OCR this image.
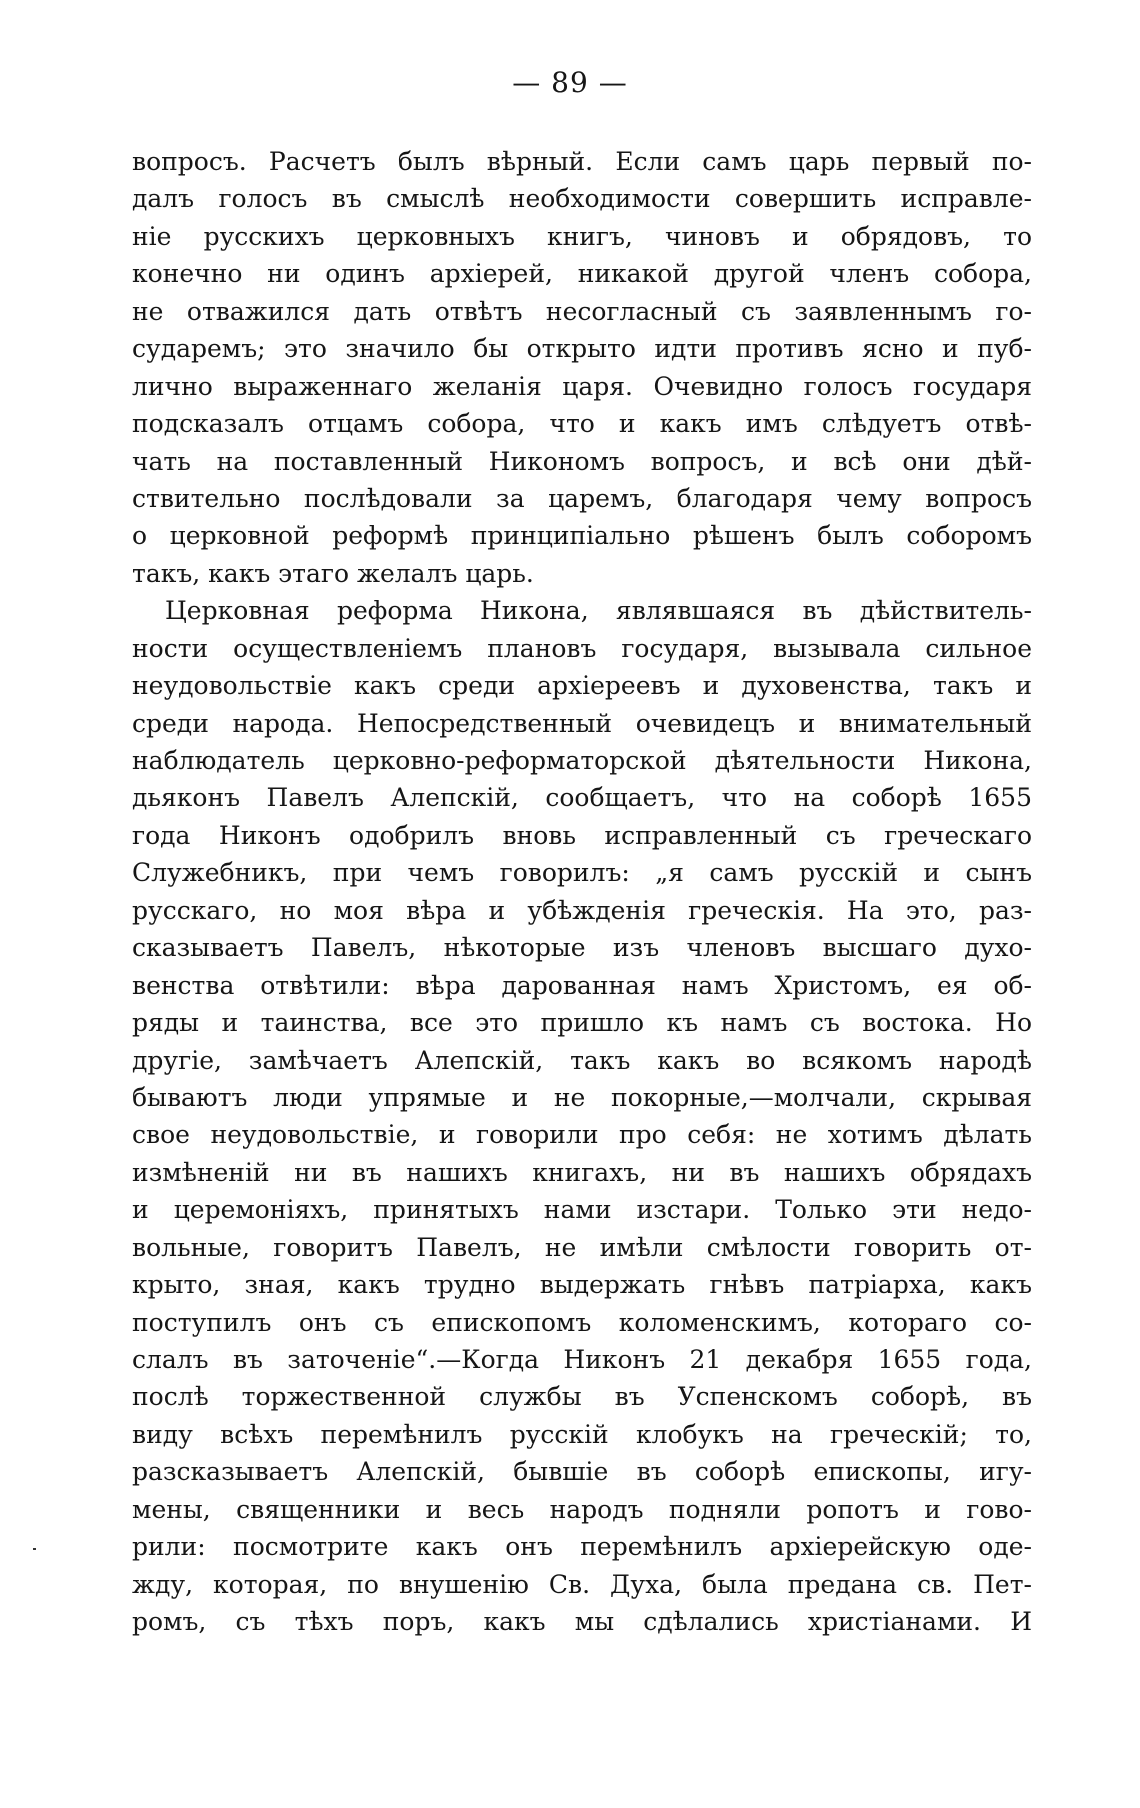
— 89 —
вопросъ. Расчетъ былъ вѣрный. Если самъ царь первый по-
далъ голосъ въ смыслѣ необходимости совершить исправле-
ніе русскихъ церковныхъ книгъ, чиновъ и обрядовъ, то
конечно ни одинъ архіерей, никакой другой членъ собора,
не отважился дать отвѣтъ несогласный съ заявленнымъ го-
сударемъ; это значило бы открыто идти противъ ясно и пуб-
лично выраженнаго желанія царя. Очевидно голосъ государя
подсказалъ отцамъ собора, что и какъ имъ слѣдуетъ отвѣ-
чать на поставленный Никономъ вопросъ, и всѣ они дѣй-
ствительно послѣдовали за царемъ, благодаря чему вопросъ
о церковной реформѣ принципіально рѣшенъ былъ соборомъ
такъ, какъ этаго желалъ царь.
Церковная реформа Никона, являвшаяся въ дѣйствитель-
ности осуществленіемъ плановъ государя, вызывала сильное
неудовольствіе какъ среди архіереевъ и духовенства, такъ и
среди народа. Непосредственный очевидецъ и внимательный
наблюдатель церковно-реформаторской дѣятельности Никона,
дьяконъ Павелъ Алепскій, сообщаетъ, что на соборѣ 1655
года Никонъ одобрилъ вновь исправленный съ греческаго
Служебникъ, при чемъ говорилъ: „я самъ русскій и сынъ
русскаго, но моя вѣра и убѣжденія греческія. На это, раз-
сказываетъ Павелъ, нѣкоторые изъ членовъ высшаго духо-
венства отвѣтили: вѣра дарованная намъ Христомъ, ея об-
ряды и таинства, все это пришло къ намъ съ востока. Но
другіе, замѣчаетъ Алепскій, такъ какъ во всякомъ народѣ
бываютъ люди упрямые и не покорные,—молчали, скрывая
свое неудовольствіе, и говорили про себя: не хотимъ дѣлать
измѣненій ни въ нашихъ книгахъ, ни въ нашихъ обрядахъ
и церемоніяхъ, принятыхъ нами изстари. Только эти недо-
вольные, говоритъ Павелъ, не имѣли смѣлости говорить от-
крыто, зная, какъ трудно выдержать гнѣвъ патріарха, какъ
поступилъ онъ съ епископомъ коломенскимъ, котораго со-
слалъ въ заточеніе“.—Когда Никонъ 21 декабря 1655 года,
послѣ торжественной службы въ Успенскомъ соборѣ, въ
виду всѣхъ перемѣнилъ русскій клобукъ на греческій; то,
разсказываетъ Алепскій, бывшіе въ соборѣ епископы, игу-
мены, священники и весь народъ подняли ропотъ и гово-
рили: посмотрите какъ онъ перемѣнилъ архіерейскую оде-
жду, которая, по внушенію Св. Духа, была предана св. Пет-
ромъ, съ тѣхъ поръ, какъ мы сдѣлались христіанами. И
